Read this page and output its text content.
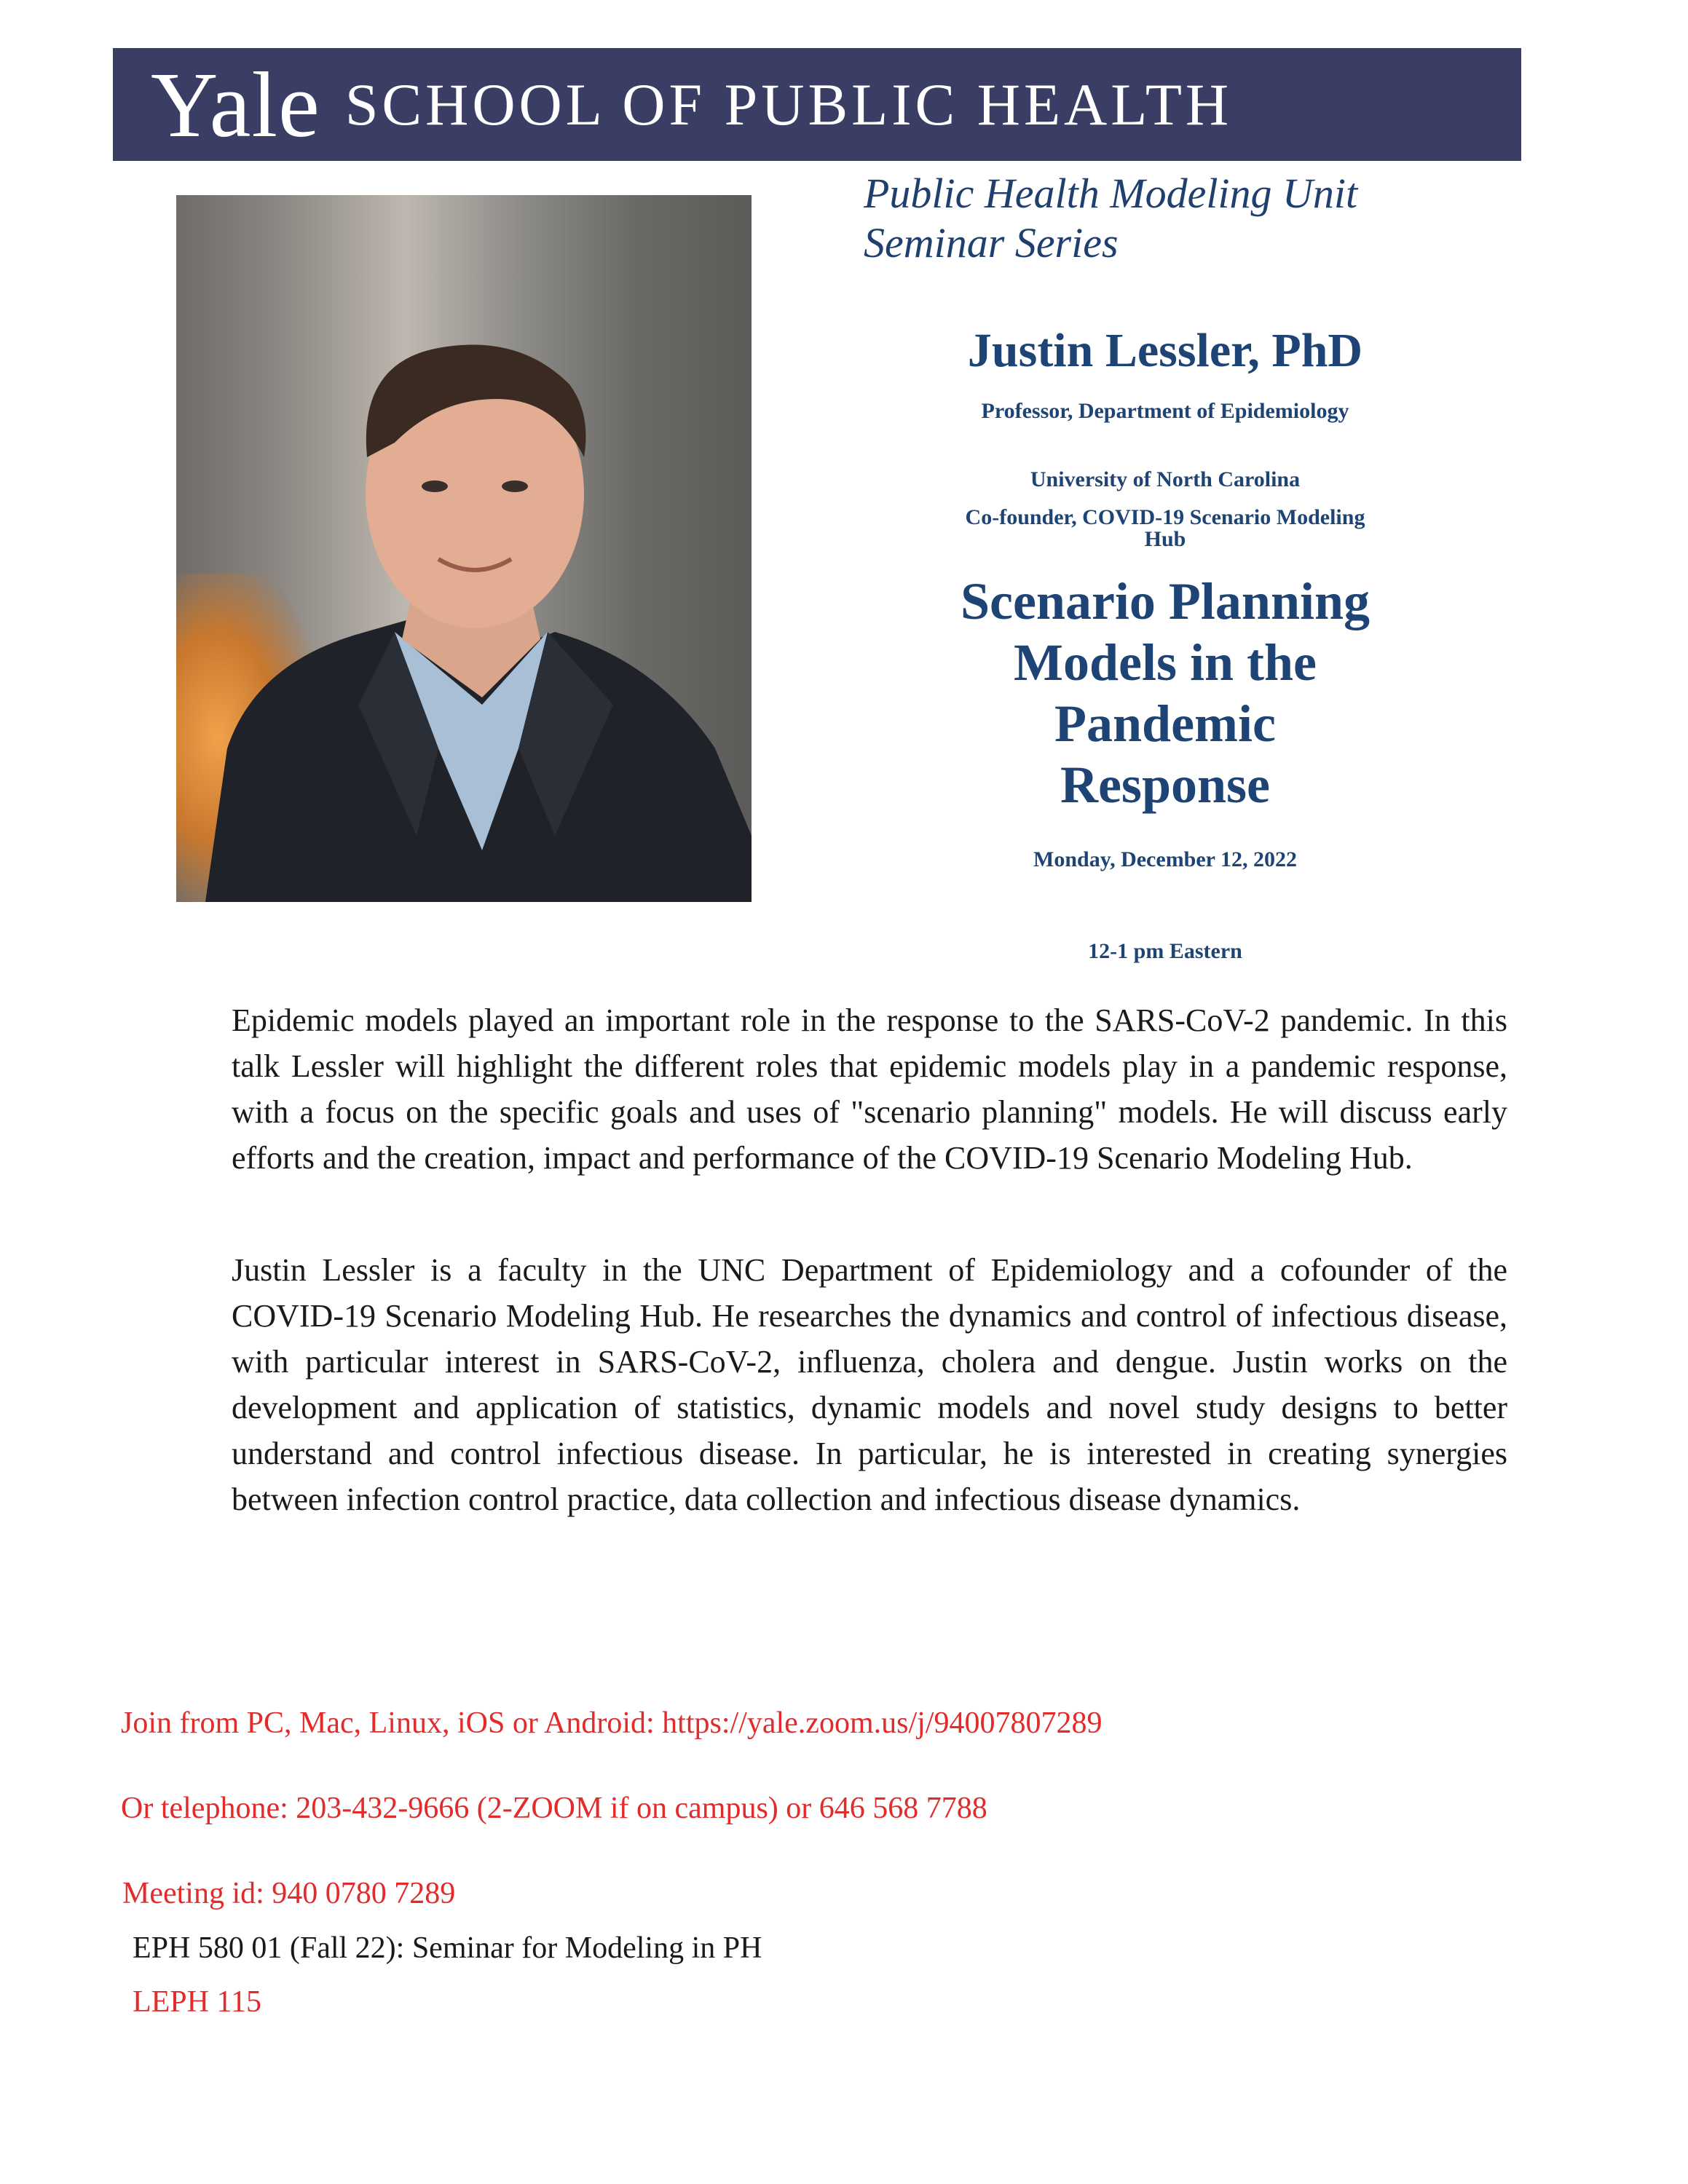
Yale SCHOOL OF PUBLIC HEALTH
Public Health Modeling Unit
Seminar Series
Justin Lessler, PhD
Professor, Department of Epidemiology
University of North Carolina
Co-founder, COVID-19 Scenario Modeling
Hub
Scenario Planning
Models in the
Pandemic
Response
Monday, December 12, 2022
12-1 pm Eastern

Epidemic models played an important role in the response to the SARS-CoV-2 pandemic. In this talk Lessler will highlight the different roles that epidemic models play in a pandemic response, with a focus on the specific goals and uses of "scenario planning" models. He will discuss early efforts and the creation, impact and performance of the COVID-19 Scenario Modeling Hub.

Justin Lessler is a faculty in the UNC Department of Epidemiology and a cofounder of the COVID-19 Scenario Modeling Hub. He researches the dynamics and control of infectious disease, with particular interest in SARS-CoV-2, influenza, cholera and dengue. Justin works on the development and application of statistics, dynamic models and novel study designs to better understand and control infectious disease. In particular, he is interested in creating synergies between infection control practice, data collection and infectious disease dynamics.

Join from PC, Mac, Linux, iOS or Android: https://yale.zoom.us/j/94007807289
Or telephone: 203-432-9666 (2-ZOOM if on campus) or 646 568 7788
Meeting id: 940 0780 7289
EPH 580 01 (Fall 22): Seminar for Modeling in PH
LEPH 115
